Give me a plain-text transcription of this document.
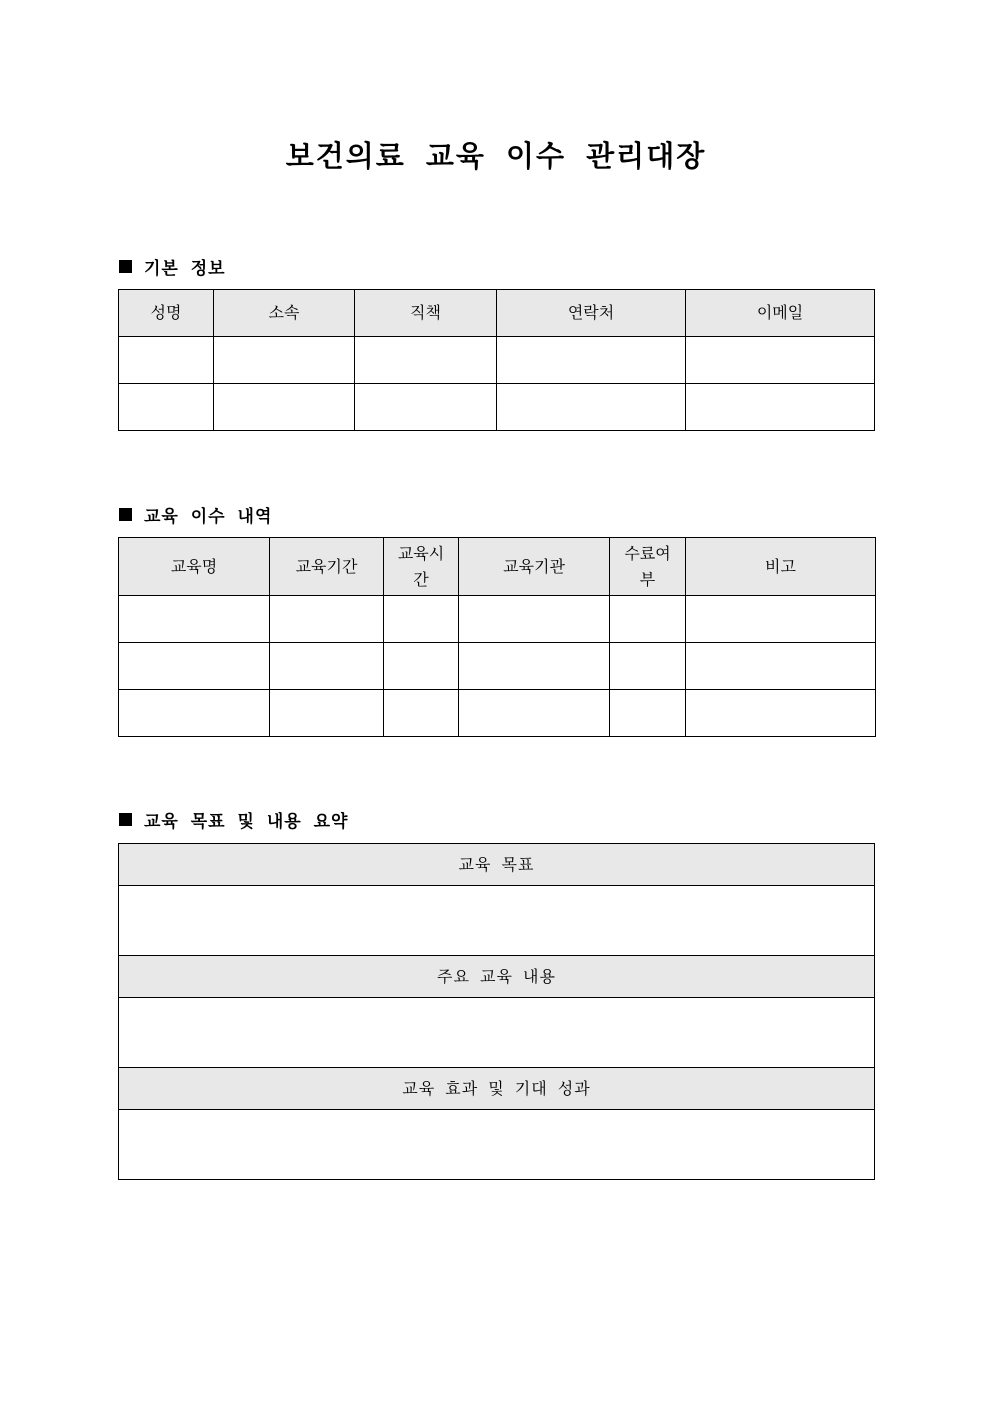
보건의료 교육 이수 관리대장
기본 정보
성명	소속	직책	연락처	이메일

교육 이수 내역
교육명	교육기간	교육시간	교육기관	수료여부	비고

교육 목표 및 내용 요약
교육 목표

주요 교육 내용

교육 효과 및 기대 성과
